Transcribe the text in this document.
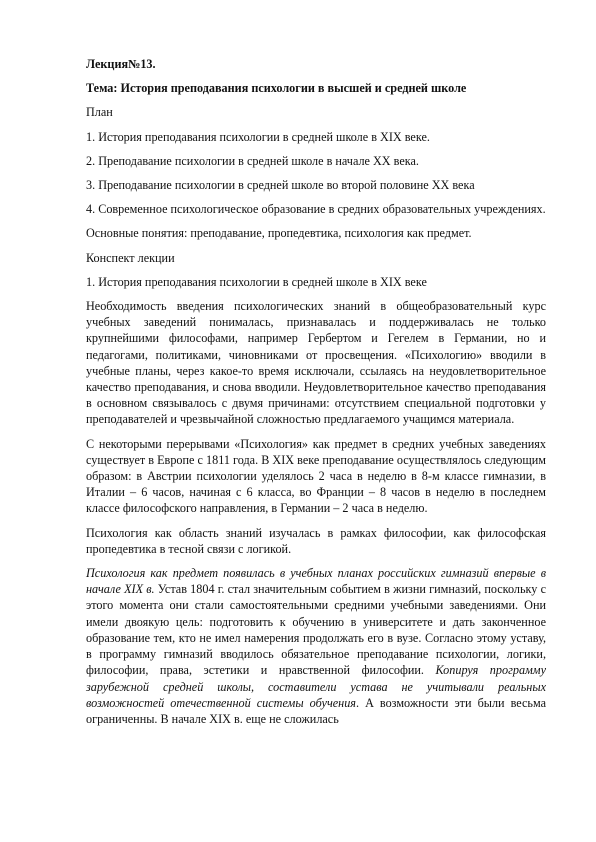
Лекция№13.

Тема: История преподавания психологии в высшей и средней школе

План

1. История преподавания психологии в средней школе в XIX веке.

2. Преподавание психологии в средней школе в начале XX века.

3. Преподавание психологии в средней школе во второй половине XX века

4. Современное психологическое образование в средних образовательных учреждениях.

Основные понятия: преподавание, пропедевтика, психология как предмет.

Конспект лекции

1. История преподавания психологии в средней школе в XIX веке

Необходимость введения психологических знаний в общеобразовательный курс учебных заведений понималась, признавалась и поддерживалась не только крупнейшими философами, например Гербертом и Гегелем в Германии, но и педагогами, политиками, чиновниками от просвещения. «Психологию» вводили в учебные планы, через какое-то время исключали, ссылаясь на неудовлетворительное качество преподавания, и снова вводили. Неудовлетворительное качество преподавания в основном связывалось с двумя причинами: отсутствием специальной подготовки у преподавателей и чрезвычайной сложностью предлагаемого учащимся материала.

С некоторыми перерывами «Психология» как предмет в средних учебных заведениях существует в Европе с 1811 года. В XIX веке преподавание осуществлялось следующим образом: в Австрии психологии уделялось 2 часа в неделю в 8-м классе гимназии, в Италии – 6 часов, начиная с 6 класса, во Франции – 8 часов в неделю в последнем классе философского направления, в Германии – 2 часа в неделю.

Психология как область знаний изучалась в рамках философии, как философская пропедевтика в тесной связи с логикой.

Психология как предмет появилась в учебных планах российских гимназий впервые в начале XIX в. Устав 1804 г. стал значительным событием в жизни гимназий, поскольку с этого момента они стали самостоятельными средними учебными заведениями. Они имели двоякую цель: подготовить к обучению в университете и дать законченное образование тем, кто не имел намерения продолжать его в вузе. Согласно этому уставу, в программу гимназий вводилось обязательное преподавание психологии, логики, философии, права, эстетики и нравственной философии. Копируя программу зарубежной средней школы, составители устава не учитывали реальных возможностей отечественной системы обучения. А возможности эти были весьма ограниченны. В начале XIX в. еще не сложилась
